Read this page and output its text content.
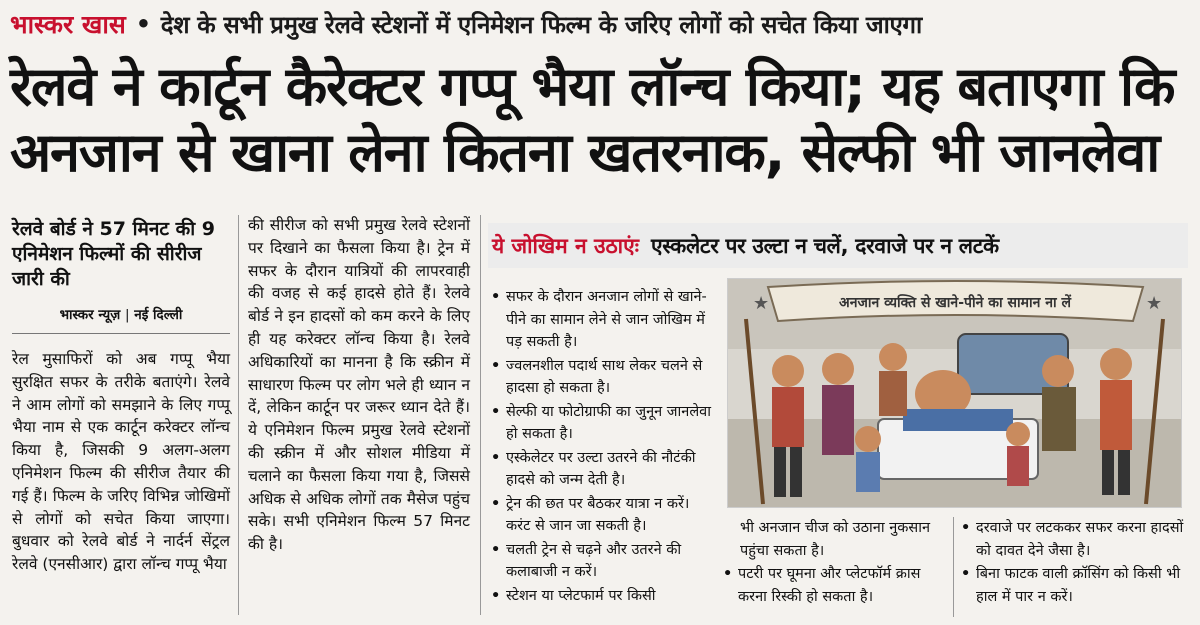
भास्कर खास • देश के सभी प्रमुख रेलवे स्टेशनों में एनिमेशन फिल्म के जरिए लोगों को सचेत किया जाएगा
रेलवे ने कार्टून कैरेक्टर गप्पू भैया लॉन्च किया; यह बताएगा कि
अनजान से खाना लेना कितना खतरनाक, सेल्फी भी जानलेवा
रेलवे बोर्ड ने 57 मिनट की 9 एनिमेशन फिल्मों की सीरीज जारी की
भास्कर न्यूज़ | नई दिल्ली

रेल मुसाफिरों को अब गप्पू भैया सुरक्षित सफर के तरीके बताएंगे। रेलवे ने आम लोगों को समझाने के लिए गप्पू भैया नाम से एक कार्टून करेक्टर लॉन्च किया है, जिसकी 9 अलग-अलग एनिमेशन फिल्म की सीरीज तैयार की गई हैं। फिल्म के जरिए विभिन्न जोखिमों से लोगों को सचेत किया जाएगा। बुधवार को रेलवे बोर्ड ने नार्दर्न सेंट्रल रेलवे (एनसीआर) द्वारा लॉन्च गप्पू भैया

की सीरीज को सभी प्रमुख रेलवे स्टेशनों पर दिखाने का फैसला किया है। ट्रेन में सफर के दौरान यात्रियों की लापरवाही की वजह से कई हादसे होते हैं। रेलवे बोर्ड ने इन हादसों को कम करने के लिए ही यह करेक्टर लॉन्च किया है। रेलवे अधिकारियों का मानना है कि स्क्रीन में साधारण फिल्म पर लोग भले ही ध्यान न दें, लेकिन कार्टून पर जरूर ध्यान देते हैं। ये एनिमेशन फिल्म प्रमुख रेलवे स्टेशनों की स्क्रीन में और सोशल मीडिया में चलाने का फैसला किया गया है, जिससे अधिक से अधिक लोगों तक मैसेज पहुंच सके। सभी एनिमेशन फिल्म 57 मिनट की है।

ये जोखिम न उठाएंः एस्कलेटर पर उल्टा न चलें, दरवाजे पर न लटकें
• सफर के दौरान अनजान लोगों से खाने-पीने का सामान लेने से जान जोखिम में पड़ सकती है।
• ज्वलनशील पदार्थ साथ लेकर चलने से हादसा हो सकता है।
• सेल्फी या फोटोग्राफी का जुनून जानलेवा हो सकता है।
• एस्केलेटर पर उल्टा उतरने की नौटंकी हादसे को जन्म देती है।
• ट्रेन की छत पर बैठकर यात्रा न करें। करंट से जान जा सकती है।
• चलती ट्रेन से चढ़ने और उतरने की कलाबाजी न करें।
• स्टेशन या प्लेटफार्म पर किसी
अनजान व्यक्ति से खाने-पीने का सामान ना लें
★	★
भी अनजान चीज को उठाना नुकसान पहुंचा सकता है।
• पटरी पर घूमना और प्लेटफॉर्म क्रास करना रिस्की हो सकता है।
• दरवाजे पर लटककर सफर करना हादसों को दावत देने जैसा है।
• बिना फाटक वाली क्रॉसिंग को किसी भी हाल में पार न करें।
